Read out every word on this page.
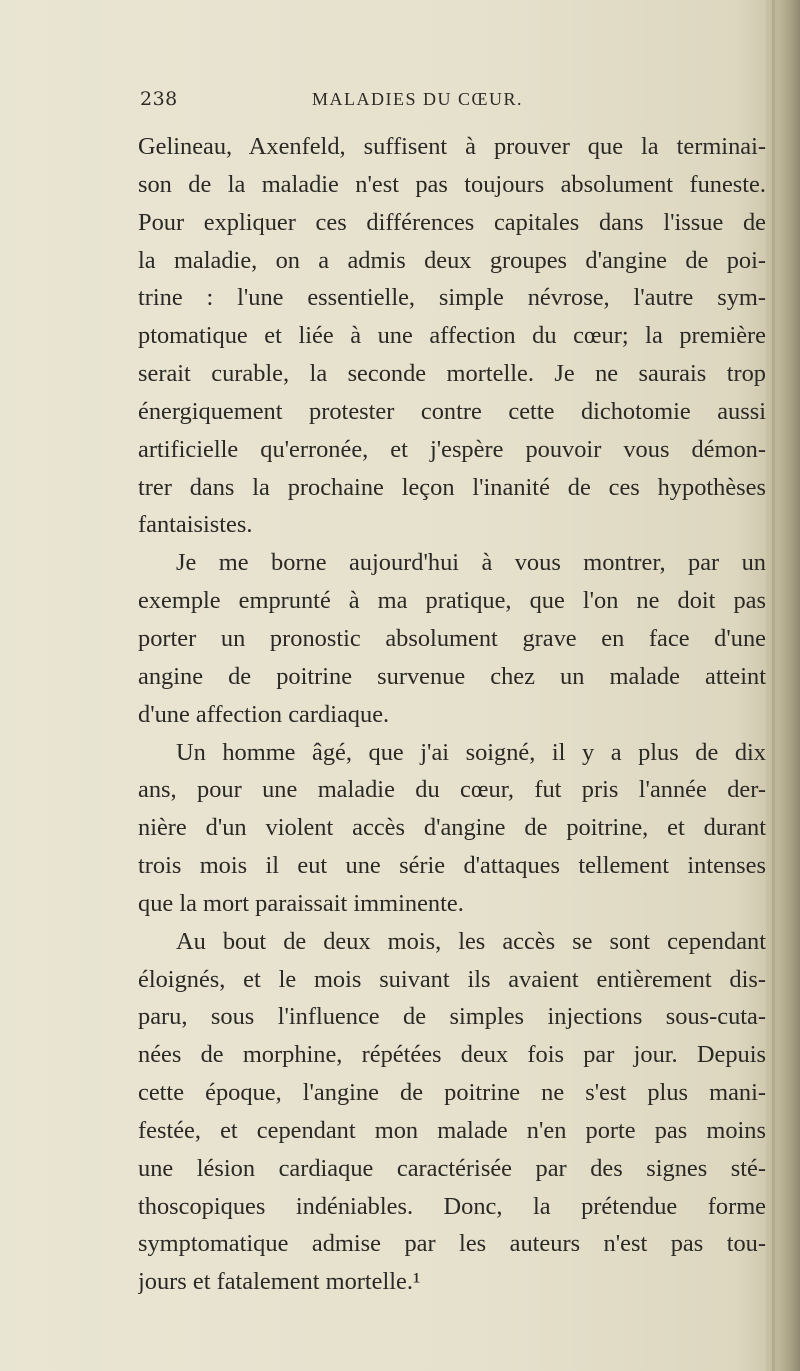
238	MALADIES DU CŒUR.
Gelineau, Axenfeld, suffisent à prouver que la terminai-
son de la maladie n'est pas toujours absolument funeste.
Pour expliquer ces différences capitales dans l'issue de
la maladie, on a admis deux groupes d'angine de poi-
trine : l'une essentielle, simple névrose, l'autre sym-
ptomatique et liée à une affection du cœur; la première
serait curable, la seconde mortelle. Je ne saurais trop
énergiquement protester contre cette dichotomie aussi
artificielle qu'erronée, et j'espère pouvoir vous démon-
trer dans la prochaine leçon l'inanité de ces hypothèses
fantaisistes.
Je me borne aujourd'hui à vous montrer, par un
exemple emprunté à ma pratique, que l'on ne doit pas
porter un pronostic absolument grave en face d'une
angine de poitrine survenue chez un malade atteint
d'une affection cardiaque.
Un homme âgé, que j'ai soigné, il y a plus de dix
ans, pour une maladie du cœur, fut pris l'année der-
nière d'un violent accès d'angine de poitrine, et durant
trois mois il eut une série d'attaques tellement intenses
que la mort paraissait imminente.
Au bout de deux mois, les accès se sont cependant
éloignés, et le mois suivant ils avaient entièrement dis-
paru, sous l'influence de simples injections sous-cuta-
nées de morphine, répétées deux fois par jour. Depuis
cette époque, l'angine de poitrine ne s'est plus mani-
festée, et cependant mon malade n'en porte pas moins
une lésion cardiaque caractérisée par des signes sté-
thoscopiques indéniables. Donc, la prétendue forme
symptomatique admise par les auteurs n'est pas tou-
jours et fatalement mortelle.¹
